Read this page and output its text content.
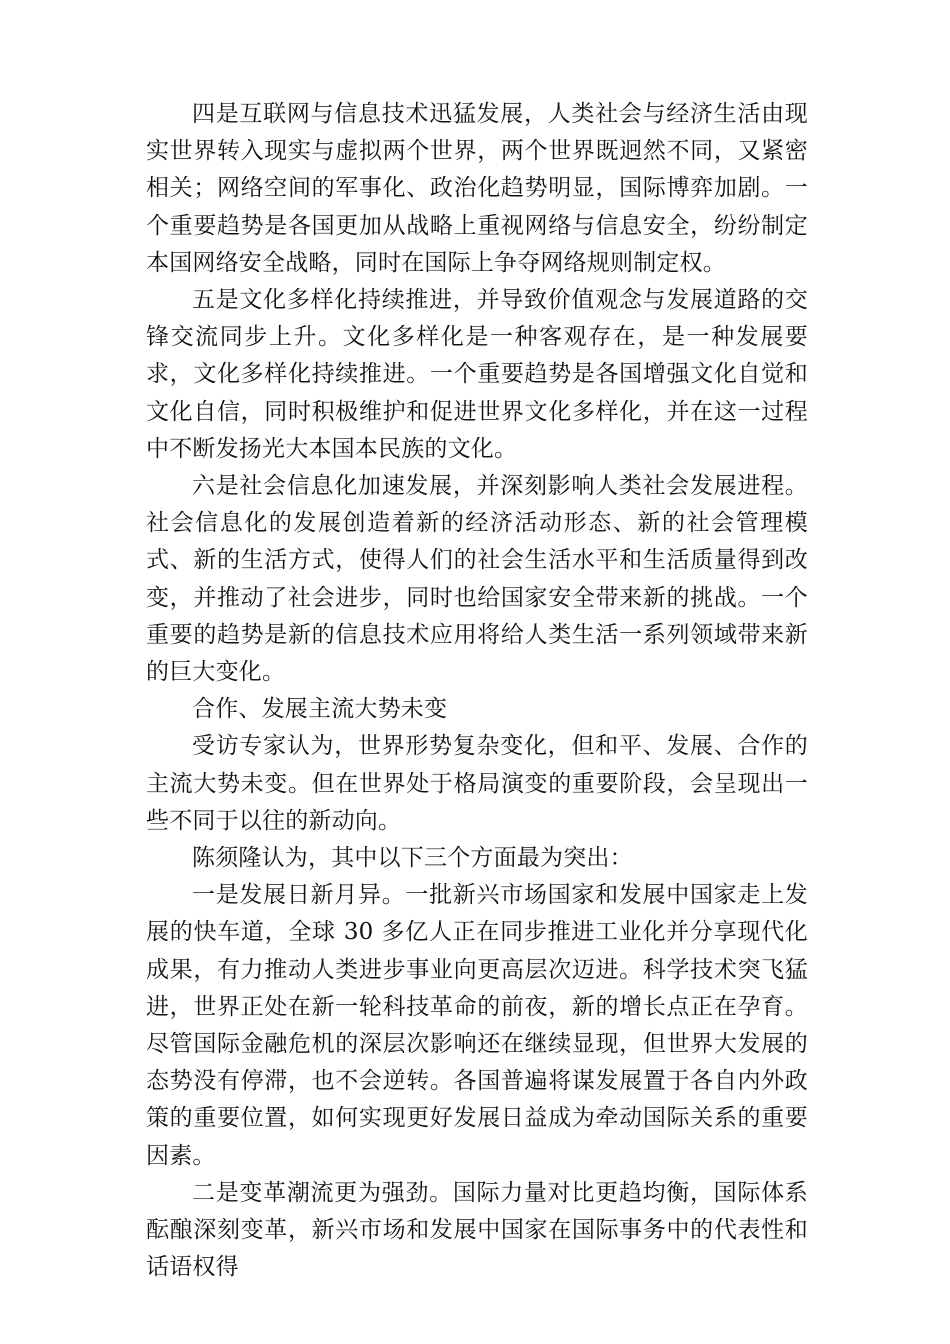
四是互联网与信息技术迅猛发展，人类社会与经济生活由现实世界转入现实与虚拟两个世界，两个世界既迥然不同，又紧密相关；网络空间的军事化、政治化趋势明显，国际博弈加剧。一个重要趋势是各国更加从战略上重视网络与信息安全，纷纷制定本国网络安全战略，同时在国际上争夺网络规则制定权。

五是文化多样化持续推进，并导致价值观念与发展道路的交锋交流同步上升。文化多样化是一种客观存在，是一种发展要求，文化多样化持续推进。一个重要趋势是各国增强文化自觉和文化自信，同时积极维护和促进世界文化多样化，并在这一过程中不断发扬光大本国本民族的文化。

六是社会信息化加速发展，并深刻影响人类社会发展进程。社会信息化的发展创造着新的经济活动形态、新的社会管理模式、新的生活方式，使得人们的社会生活水平和生活质量得到改变，并推动了社会进步，同时也给国家安全带来新的挑战。一个重要的趋势是新的信息技术应用将给人类生活一系列领域带来新的巨大变化。

合作、发展主流大势未变

受访专家认为，世界形势复杂变化，但和平、发展、合作的主流大势未变。但在世界处于格局演变的重要阶段，会呈现出一些不同于以往的新动向。

陈须隆认为，其中以下三个方面最为突出：

一是发展日新月异。一批新兴市场国家和发展中国家走上发展的快车道，全球 30 多亿人正在同步推进工业化并分享现代化成果，有力推动人类进步事业向更高层次迈进。科学技术突飞猛进，世界正处在新一轮科技革命的前夜，新的增长点正在孕育。尽管国际金融危机的深层次影响还在继续显现，但世界大发展的态势没有停滞，也不会逆转。各国普遍将谋发展置于各自内外政策的重要位置，如何实现更好发展日益成为牵动国际关系的重要因素。

二是变革潮流更为强劲。国际力量对比更趋均衡，国际体系酝酿深刻变革，新兴市场和发展中国家在国际事务中的代表性和话语权得
